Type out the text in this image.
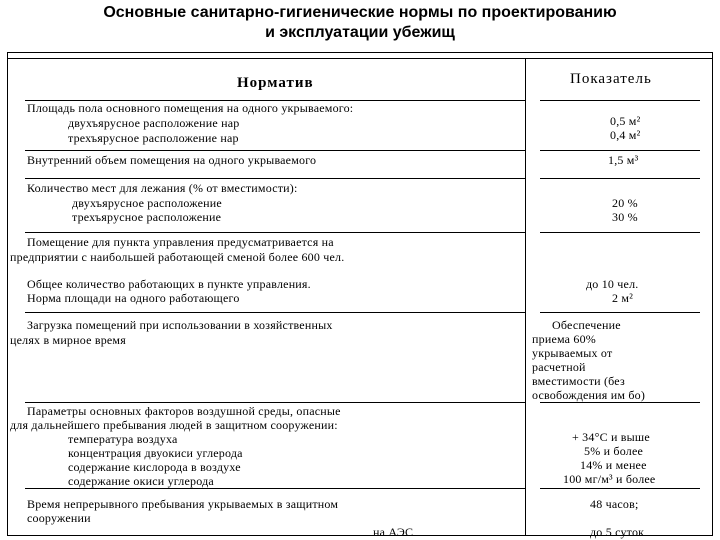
Основные санитарно-гигиенические нормы по проектированию
и эксплуатации убежищ
Норматив	Показатель
Площадь пола основного помещения на одного укрываемого:
двухъярусное расположение нар
трехъярусное расположение нар
0,5 м²
0,4 м²
Внутренний объем помещения на одного укрываемого	1,5 м³
Количество мест для лежания (% от вместимости):
двухъярусное расположение
трехъярусное расположение
20 %
30 %
Помещение для пункта управления предусматривается на
предприятии с наибольшей работающей сменой более 600 чел.
Общее количество работающих в пункте управления.
Норма площади на одного работающего
до 10 чел.
2 м²
Загрузка помещений при использовании в хозяйственных
целях в мирное время
Обеспечение
приема 60%
укрываемых от
расчетной
вместимости (без
освобождения им бо)
Параметры основных факторов воздушной среды, опасные
для дальнейшего пребывания людей в защитном сооружении:
температура воздуха
концентрация двуокиси углерода
содержание кислорода в воздухе
содержание окиси углерода
+ 34°С и выше
5% и более
14% и менее
100 мг/м³ и более
Время непрерывного пребывания укрываемых в защитном
сооружении
на АЭС
48 часов;
до 5 суток
